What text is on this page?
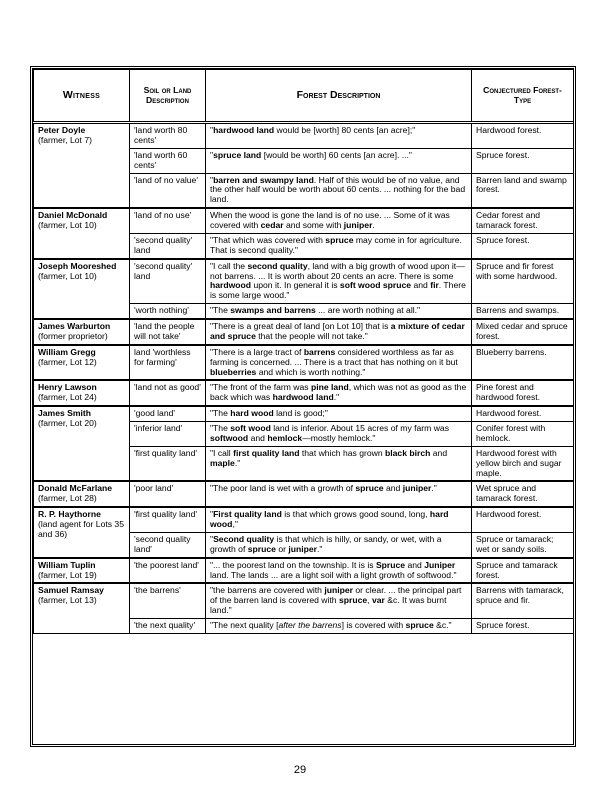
Witness	Soil or Land Description	Forest Description	Conjectured Forest-Type

Peter Doyle
(farmer, Lot 7)	'land worth 80 cents'	"hardwood land would be [worth] 80 cents [an acre];"	Hardwood forest.
	'land worth 60 cents'	"spruce land [would be worth] 60 cents [an acre]. ..."	Spruce forest.
	'land of no value'	"barren and swampy land. Half of this would be of no value, and the other half would be worth about 60 cents. ... nothing for the bad land.	Barren land and swamp forest.

Daniel McDonald
(farmer, Lot 10)	'land of no use'	When the wood is gone the land is of no use. ... Some of it was covered with cedar and some with juniper.	Cedar forest and tamarack forest.
	'second quality' land	"That which was covered with spruce may come in for agriculture. That is second quality."	Spruce forest.

Joseph Mooreshed
(farmer, Lot 10)	'second quality' land	"I call the second quality, land with a big growth of wood upon it—not barrens. ... It is worth about 20 cents an acre. There is some hardwood upon it. In general it is soft wood spruce and fir. There is some large wood."	Spruce and fir forest with some hardwood.
	'worth nothing'	"The swamps and barrens ... are worth nothing at all."	Barrens and swamps.

James Warburton
(former proprietor)	'land the people will not take'	"There is a great deal of land [on Lot 10] that is a mixture of cedar and spruce that the people will not take."	Mixed cedar and spruce forest.

William Gregg
(farmer, Lot 12)	land 'worthless for farming'	"There is a large tract of barrens considered worthless as far as farming is concerned. ... There is a tract that has nothing on it but blueberries and which is worth nothing."	Blueberry barrens.

Henry Lawson
(farmer, Lot 24)	'land not as good'	"The front of the farm was pine land, which was not as good as the back which was hardwood land."	Pine forest and hardwood forest.

James Smith
(farmer, Lot 20)	'good land'	"The hard wood land is good;"	Hardwood forest.
	'inferior land'	"The soft wood land is inferior. About 15 acres of my farm was softwood and hemlock—mostly hemlock."	Conifer forest with hemlock.
	'first quality land'	"I call first quality land that which has grown black birch and maple."	Hardwood forest with yellow birch and sugar maple.

Donald McFarlane
(farmer, Lot 28)	'poor land'	"The poor land is wet with a growth of spruce and juniper."	Wet spruce and tamarack forest.

R. P. Haythorne
(land agent for Lots 35 and 36)	'first quality land'	"First quality land is that which grows good sound, long, hard wood,"	Hardwood forest.
	'second quality land'	"Second quality is that which is hilly, or sandy, or wet, with a growth of spruce or juniper."	Spruce or tamarack; wet or sandy soils.

William Tuplin
(farmer, Lot 19)	'the poorest land'	"... the poorest land on the township. It is is Spruce and Juniper land. The lands ... are a light soil with a light growth of softwood."	Spruce and tamarack forest.

Samuel Ramsay
(farmer, Lot 13)	'the barrens'	"the barrens are covered with juniper or clear. ... the principal part of the barren land is covered with spruce, var &c. It was burnt land."	Barrens with tamarack, spruce and fir.
	'the next quality'	"The next quality [after the barrens] is covered with spruce &c."	Spruce forest.
29
